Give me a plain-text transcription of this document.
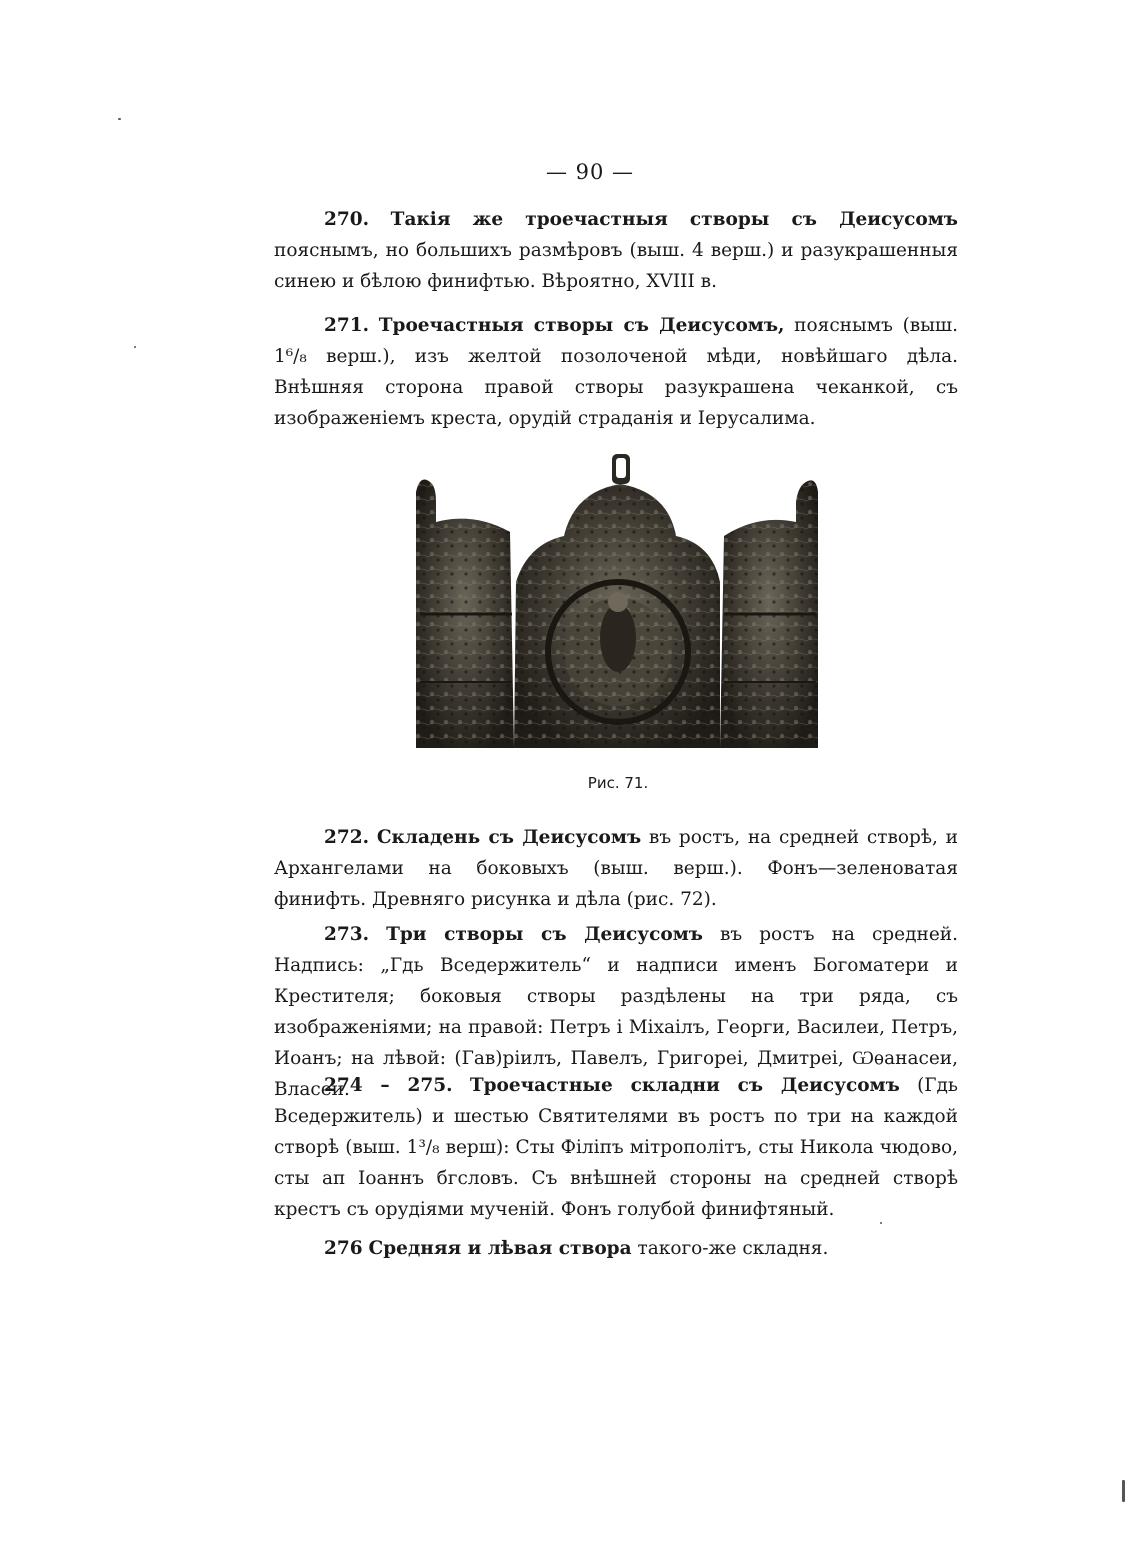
— 90 —

270. Такія же троечастныя створы съ Деисусомъ пояснымъ, но большихъ размѣровъ (выш. 4 верш.) и разукрашенныя синею и бѣлою финифтью. Вѣроятно, XVIII в.

271. Троечастныя створы съ Деисусомъ, пояснымъ (выш. 1⁶/₈ верш.), изъ желтой позолоченой мѣди, новѣйшаго дѣла. Внѣшняя сторона правой створы разукрашена чеканкой, съ изображеніемъ креста, орудій страданія и Іерусалима.

Рис. 71.

272. Складень съ Деисусомъ въ ростъ, на средней створѣ, и Архангелами на боковыхъ (выш. верш.). Фонъ—зеленоватая финифть. Древняго рисунка и дѣла (рис. 72).

273. Три створы съ Деисусомъ въ ростъ на средней. Надпись: „Гдь Вседержитель“ и надписи именъ Богоматери и Крестителя; боковыя створы раздѣлены на три ряда, съ изображеніями; на правой: Петръ і Міхаілъ, Георги, Василеи, Петръ, Иоанъ; на лѣвой: (Гав)ріилъ, Павелъ, Григореі, Дмитреі, Ѡѳанасеи, Власеи.

274 – 275. Троечастные складни съ Деисусомъ (Гдь Вседержитель) и шестью Святителями въ ростъ по три на каждой створѣ (выш. 1³/₈ верш): Сты Філіпъ мітрополітъ, сты Никола чюдово, сты ап Іоаннъ бгсловъ. Съ внѣшней стороны на средней створѣ крестъ съ орудіями мученій. Фонъ голубой финифтяный.

276 Средняя и лѣвая створа такого-же складня.
